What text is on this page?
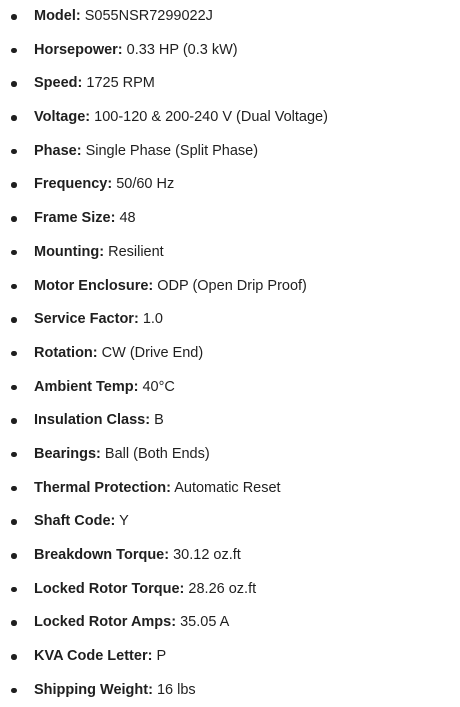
Model: S055NSR7299022J
Horsepower: 0.33 HP (0.3 kW)
Speed: 1725 RPM
Voltage: 100-120 & 200-240 V (Dual Voltage)
Phase: Single Phase (Split Phase)
Frequency: 50/60 Hz
Frame Size: 48
Mounting: Resilient
Motor Enclosure: ODP (Open Drip Proof)
Service Factor: 1.0
Rotation: CW (Drive End)
Ambient Temp: 40°C
Insulation Class: B
Bearings: Ball (Both Ends)
Thermal Protection: Automatic Reset
Shaft Code: Y
Breakdown Torque: 30.12 oz.ft
Locked Rotor Torque: 28.26 oz.ft
Locked Rotor Amps: 35.05 A
KVA Code Letter: P
Shipping Weight: 16 lbs
